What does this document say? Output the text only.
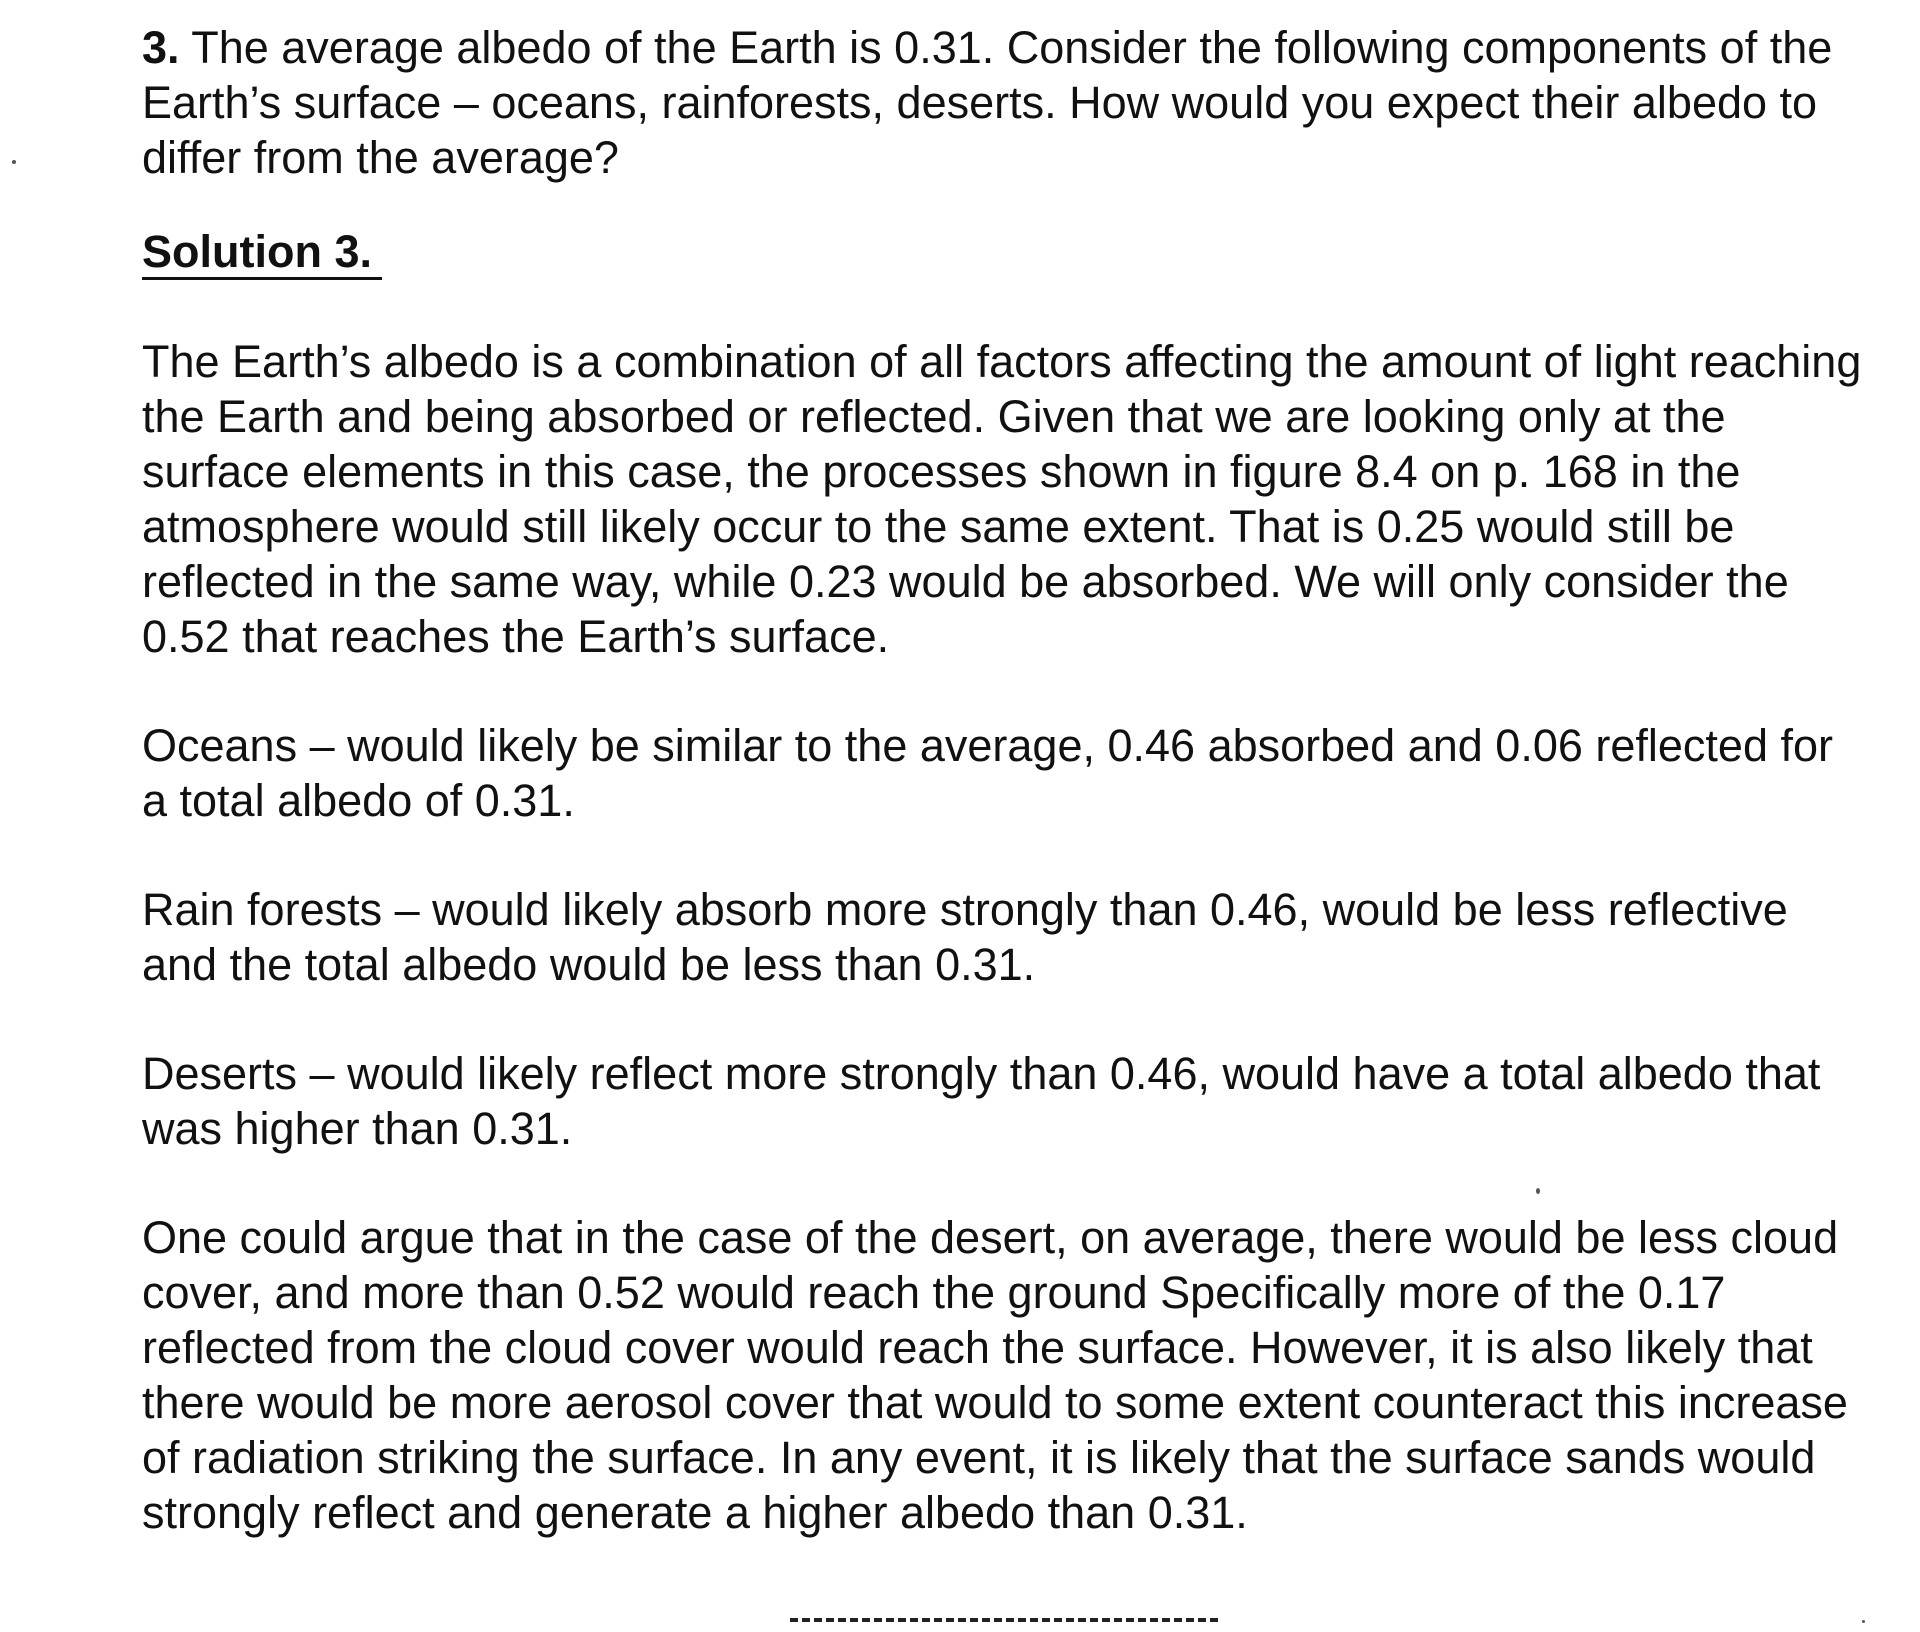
3. The average albedo of the Earth is 0.31. Consider the following components of the Earth’s surface – oceans, rainforests, deserts. How would you expect their albedo to differ from the average?

Solution 3.

The Earth’s albedo is a combination of all factors affecting the amount of light reaching the Earth and being absorbed or reflected. Given that we are looking only at the surface elements in this case, the processes shown in figure 8.4 on p. 168 in the atmosphere would still likely occur to the same extent. That is 0.25 would still be reflected in the same way, while 0.23 would be absorbed. We will only consider the 0.52 that reaches the Earth’s surface.

Oceans – would likely be similar to the average, 0.46 absorbed and 0.06 reflected for a total albedo of 0.31.

Rain forests – would likely absorb more strongly than 0.46, would be less reflective and the total albedo would be less than 0.31.

Deserts – would likely reflect more strongly than 0.46, would have a total albedo that was higher than 0.31.

One could argue that in the case of the desert, on average, there would be less cloud cover, and more than 0.52 would reach the ground Specifically more of the 0.17 reflected from the cloud cover would reach the surface. However, it is also likely that there would be more aerosol cover that would to some extent counteract this increase of radiation striking the surface. In any event, it is likely that the surface sands would strongly reflect and generate a higher albedo than 0.31.
